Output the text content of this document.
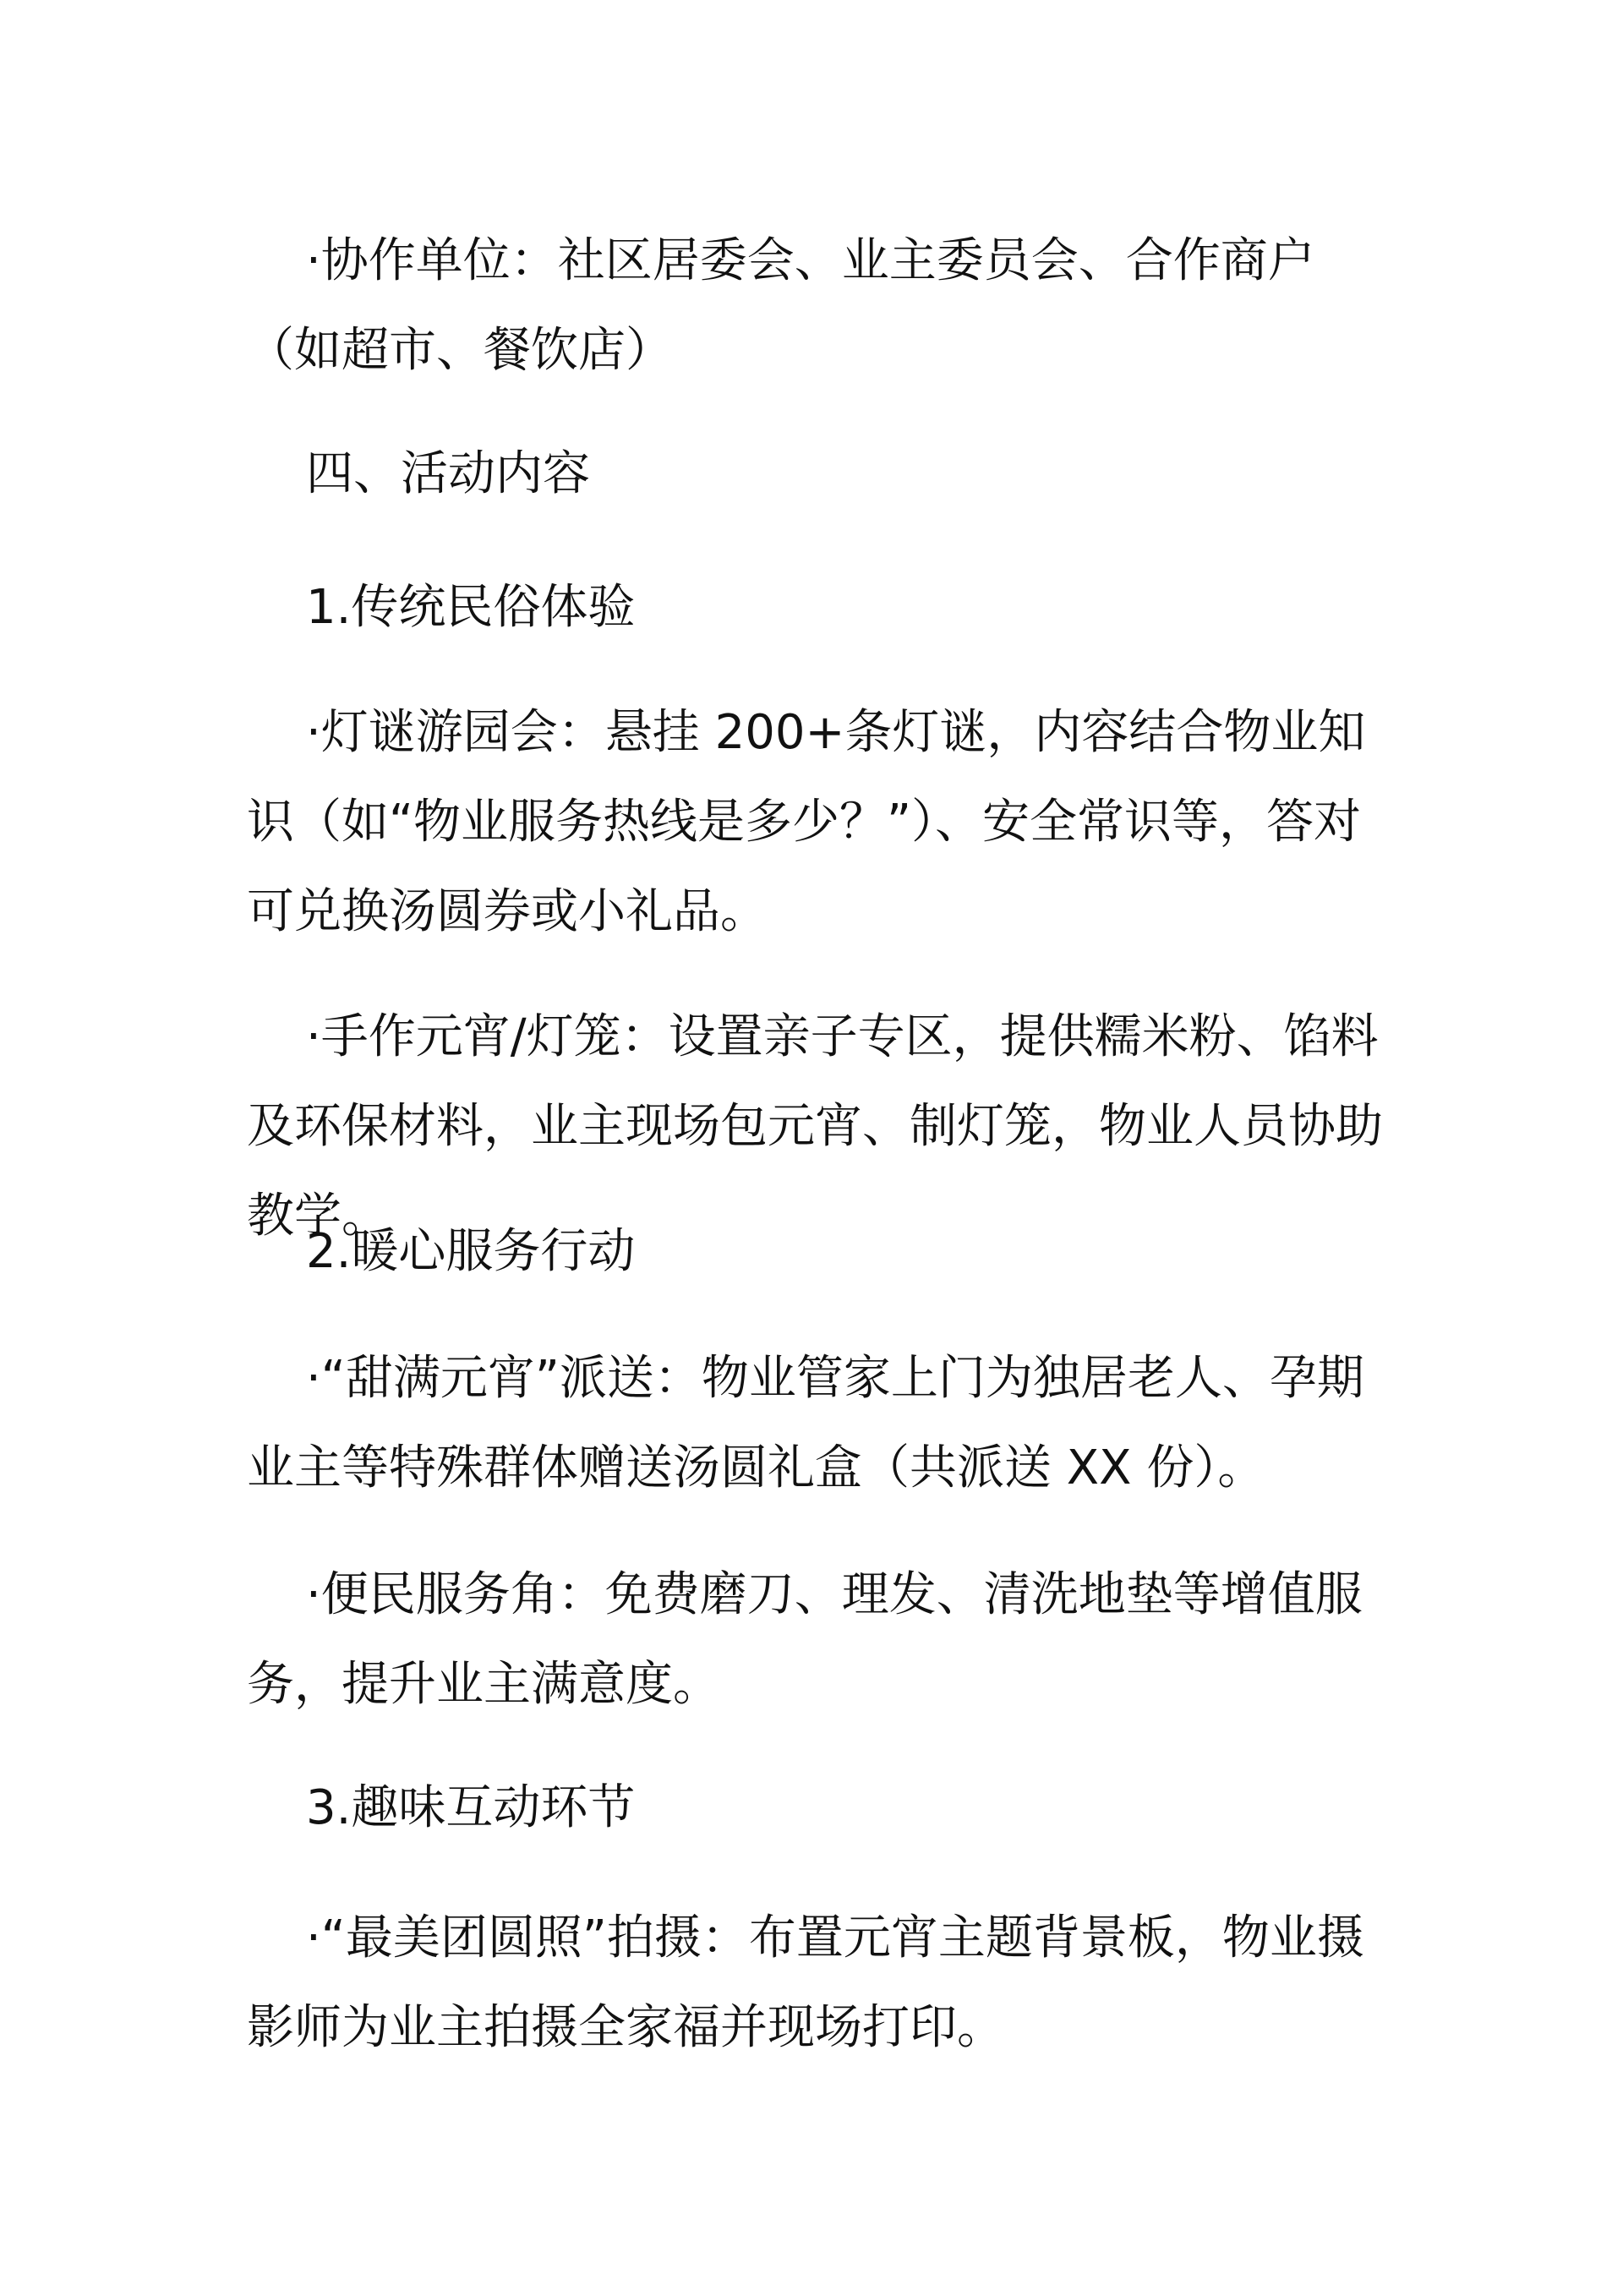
·协作单位：社区居委会、业主委员会、合作商户（如超市、餐饮店）

四、活动内容

1.传统民俗体验

·灯谜游园会：悬挂 200+条灯谜，内容结合物业知识（如“物业服务热线是多少？”）、安全常识等，答对可兑换汤圆券或小礼品。

·手作元宵/灯笼：设置亲子专区，提供糯米粉、馅料及环保材料，业主现场包元宵、制灯笼，物业人员协助教学。

2.暖心服务行动

·“甜满元宵”派送：物业管家上门为独居老人、孕期业主等特殊群体赠送汤圆礼盒（共派送 XX 份）。

·便民服务角：免费磨刀、理发、清洗地垫等增值服务，提升业主满意度。

3.趣味互动环节

·“最美团圆照”拍摄：布置元宵主题背景板，物业摄影师为业主拍摄全家福并现场打印。
